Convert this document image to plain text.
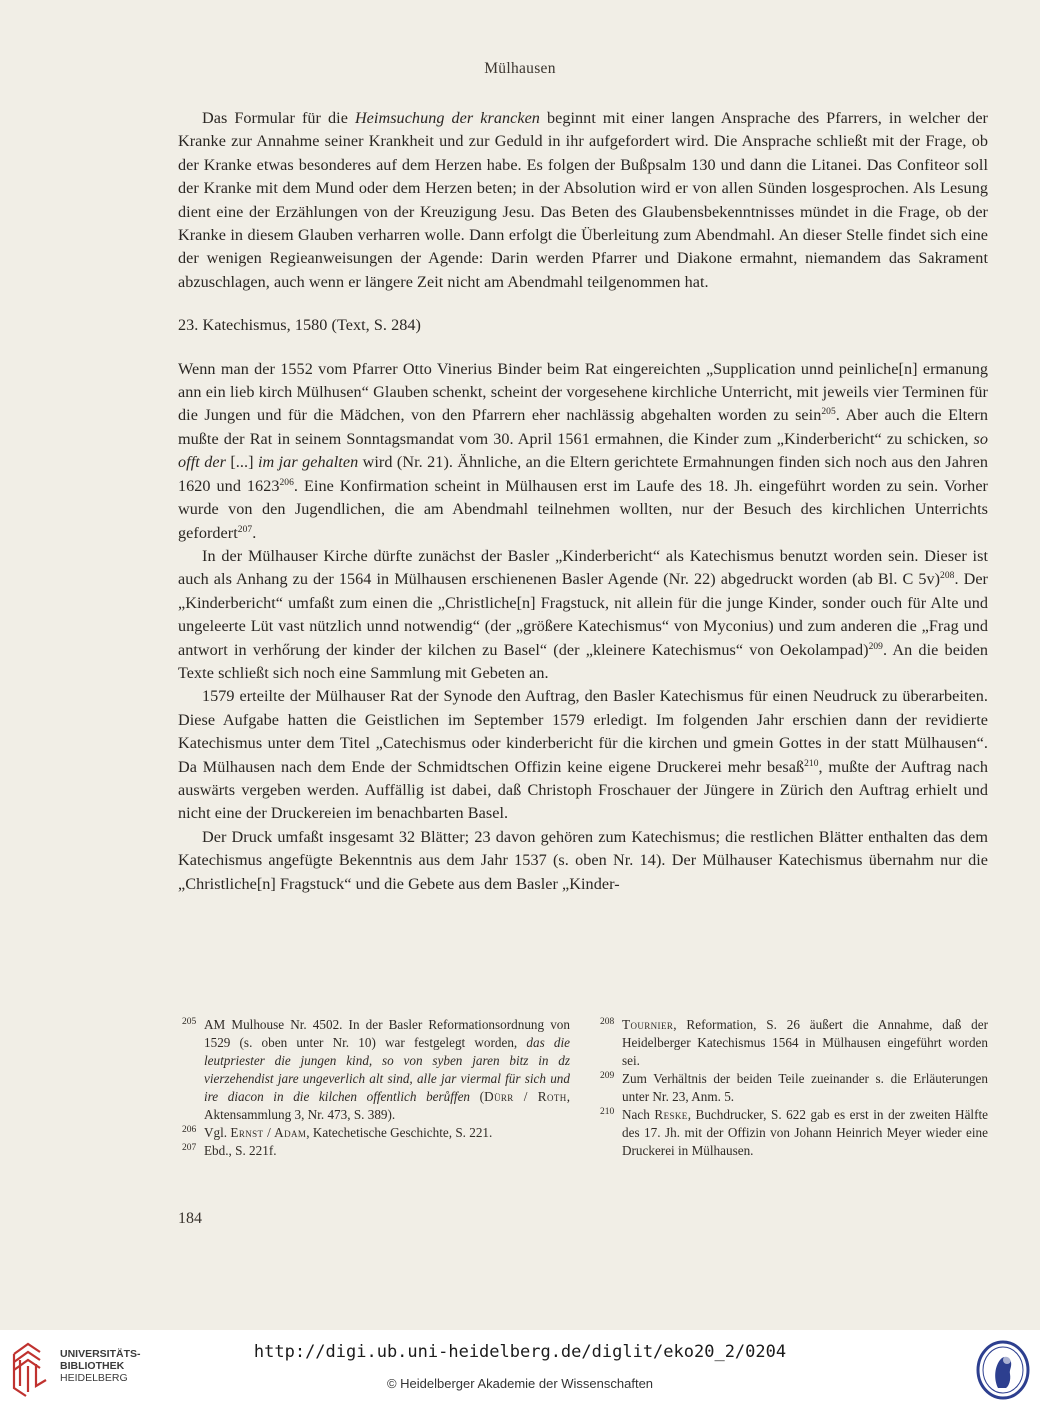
Mülhausen

Das Formular für die Heimsuchung der krancken beginnt mit einer langen Ansprache des Pfarrers, in welcher der Kranke zur Annahme seiner Krankheit und zur Geduld in ihr aufgefordert wird. Die Ansprache schließt mit der Frage, ob der Kranke etwas besonderes auf dem Herzen habe. Es folgen der Bußpsalm 130 und dann die Litanei. Das Confiteor soll der Kranke mit dem Mund oder dem Herzen beten; in der Absolution wird er von allen Sünden losgesprochen. Als Lesung dient eine der Erzählungen von der Kreuzigung Jesu. Das Beten des Glaubensbekenntnisses mündet in die Frage, ob der Kranke in diesem Glauben verharren wolle. Dann erfolgt die Überleitung zum Abendmahl. An dieser Stelle findet sich eine der wenigen Regieanweisungen der Agende: Darin werden Pfarrer und Diakone ermahnt, niemandem das Sakrament abzuschlagen, auch wenn er längere Zeit nicht am Abendmahl teilgenommen hat.

23. Katechismus, 1580 (Text, S. 284)

Wenn man der 1552 vom Pfarrer Otto Vinerius Binder beim Rat eingereichten „Supplication unnd peinliche[n] ermanung ann ein lieb kirch Mülhusen“ Glauben schenkt, scheint der vorgesehene kirchliche Unterricht, mit jeweils vier Terminen für die Jungen und für die Mädchen, von den Pfarrern eher nachlässig abgehalten worden zu sein$^{205}$. Aber auch die Eltern mußte der Rat in seinem Sonntagsmandat vom 30. April 1561 ermahnen, die Kinder zum „Kinderbericht“ zu schicken, so offt der [...] im jar gehalten wird (Nr. 21). Ähnliche, an die Eltern gerichtete Ermahnungen finden sich noch aus den Jahren 1620 und 1623$^{206}$. Eine Konfirmation scheint in Mülhausen erst im Laufe des 18. Jh. eingeführt worden zu sein. Vorher wurde von den Jugendlichen, die am Abendmahl teilnehmen wollten, nur der Besuch des kirchlichen Unterrichts gefordert$^{207}$.

In der Mülhauser Kirche dürfte zunächst der Basler „Kinderbericht“ als Katechismus benutzt worden sein. Dieser ist auch als Anhang zu der 1564 in Mülhausen erschienenen Basler Agende (Nr. 22) abgedruckt worden (ab Bl. C 5v)$^{208}$. Der „Kinderbericht“ umfaßt zum einen die „Christliche[n] Fragstuck, nit allein für die junge Kinder, sonder ouch für Alte und ungeleerte Lüt vast nützlich unnd notwendig“ (der „größere Katechismus“ von Myconius) und zum anderen die „Frag und antwort in verhőrung der kinder der kilchen zu Basel“ (der „kleinere Katechismus“ von Oekolampad)$^{209}$. An die beiden Texte schließt sich noch eine Sammlung mit Gebeten an.

1579 erteilte der Mülhauser Rat der Synode den Auftrag, den Basler Katechismus für einen Neudruck zu überarbeiten. Diese Aufgabe hatten die Geistlichen im September 1579 erledigt. Im folgenden Jahr erschien dann der revidierte Katechismus unter dem Titel „Catechismus oder kinderbericht für die kirchen und gmein Gottes in der statt Mülhausen“. Da Mülhausen nach dem Ende der Schmidtschen Offizin keine eigene Druckerei mehr besaß$^{210}$, mußte der Auftrag nach auswärts vergeben werden. Auffällig ist dabei, daß Christoph Froschauer der Jüngere in Zürich den Auftrag erhielt und nicht eine der Druckereien im benachbarten Basel.

Der Druck umfaßt insgesamt 32 Blätter; 23 davon gehören zum Katechismus; die restlichen Blätter enthalten das dem Katechismus angefügte Bekenntnis aus dem Jahr 1537 (s. oben Nr. 14). Der Mülhauser Katechismus übernahm nur die „Christliche[n] Fragstuck“ und die Gebete aus dem Basler „Kinder-

205 AM Mulhouse Nr. 4502. In der Basler Reformationsordnung von 1529 (s. oben unter Nr. 10) war festgelegt worden, das die leutpriester die jungen kind, so von syben jaren bitz in dz vierzehendist jare ungeverlich alt sind, alle jar viermal für sich und ire diacon in die kilchen offentlich berůffen (Dürr / Roth, Aktensammlung 3, Nr. 473, S. 389).

206 Vgl. Ernst / Adam, Katechetische Geschichte, S. 221.

207 Ebd., S. 221f.

208 Tournier, Reformation, S. 26 äußert die Annahme, daß der Heidelberger Katechismus 1564 in Mülhausen eingeführt worden sei.

209 Zum Verhältnis der beiden Teile zueinander s. die Erläuterungen unter Nr. 23, Anm. 5.

210 Nach Reske, Buchdrucker, S. 622 gab es erst in der zweiten Hälfte des 17. Jh. mit der Offizin von Johann Heinrich Meyer wieder eine Druckerei in Mülhausen.

184
UNIVERSITÄTS-
BIBLIOTHEK
HEIDELBERG
http://digi.ub.uni-heidelberg.de/diglit/eko20_2/0204
© Heidelberger Akademie der Wissenschaften
